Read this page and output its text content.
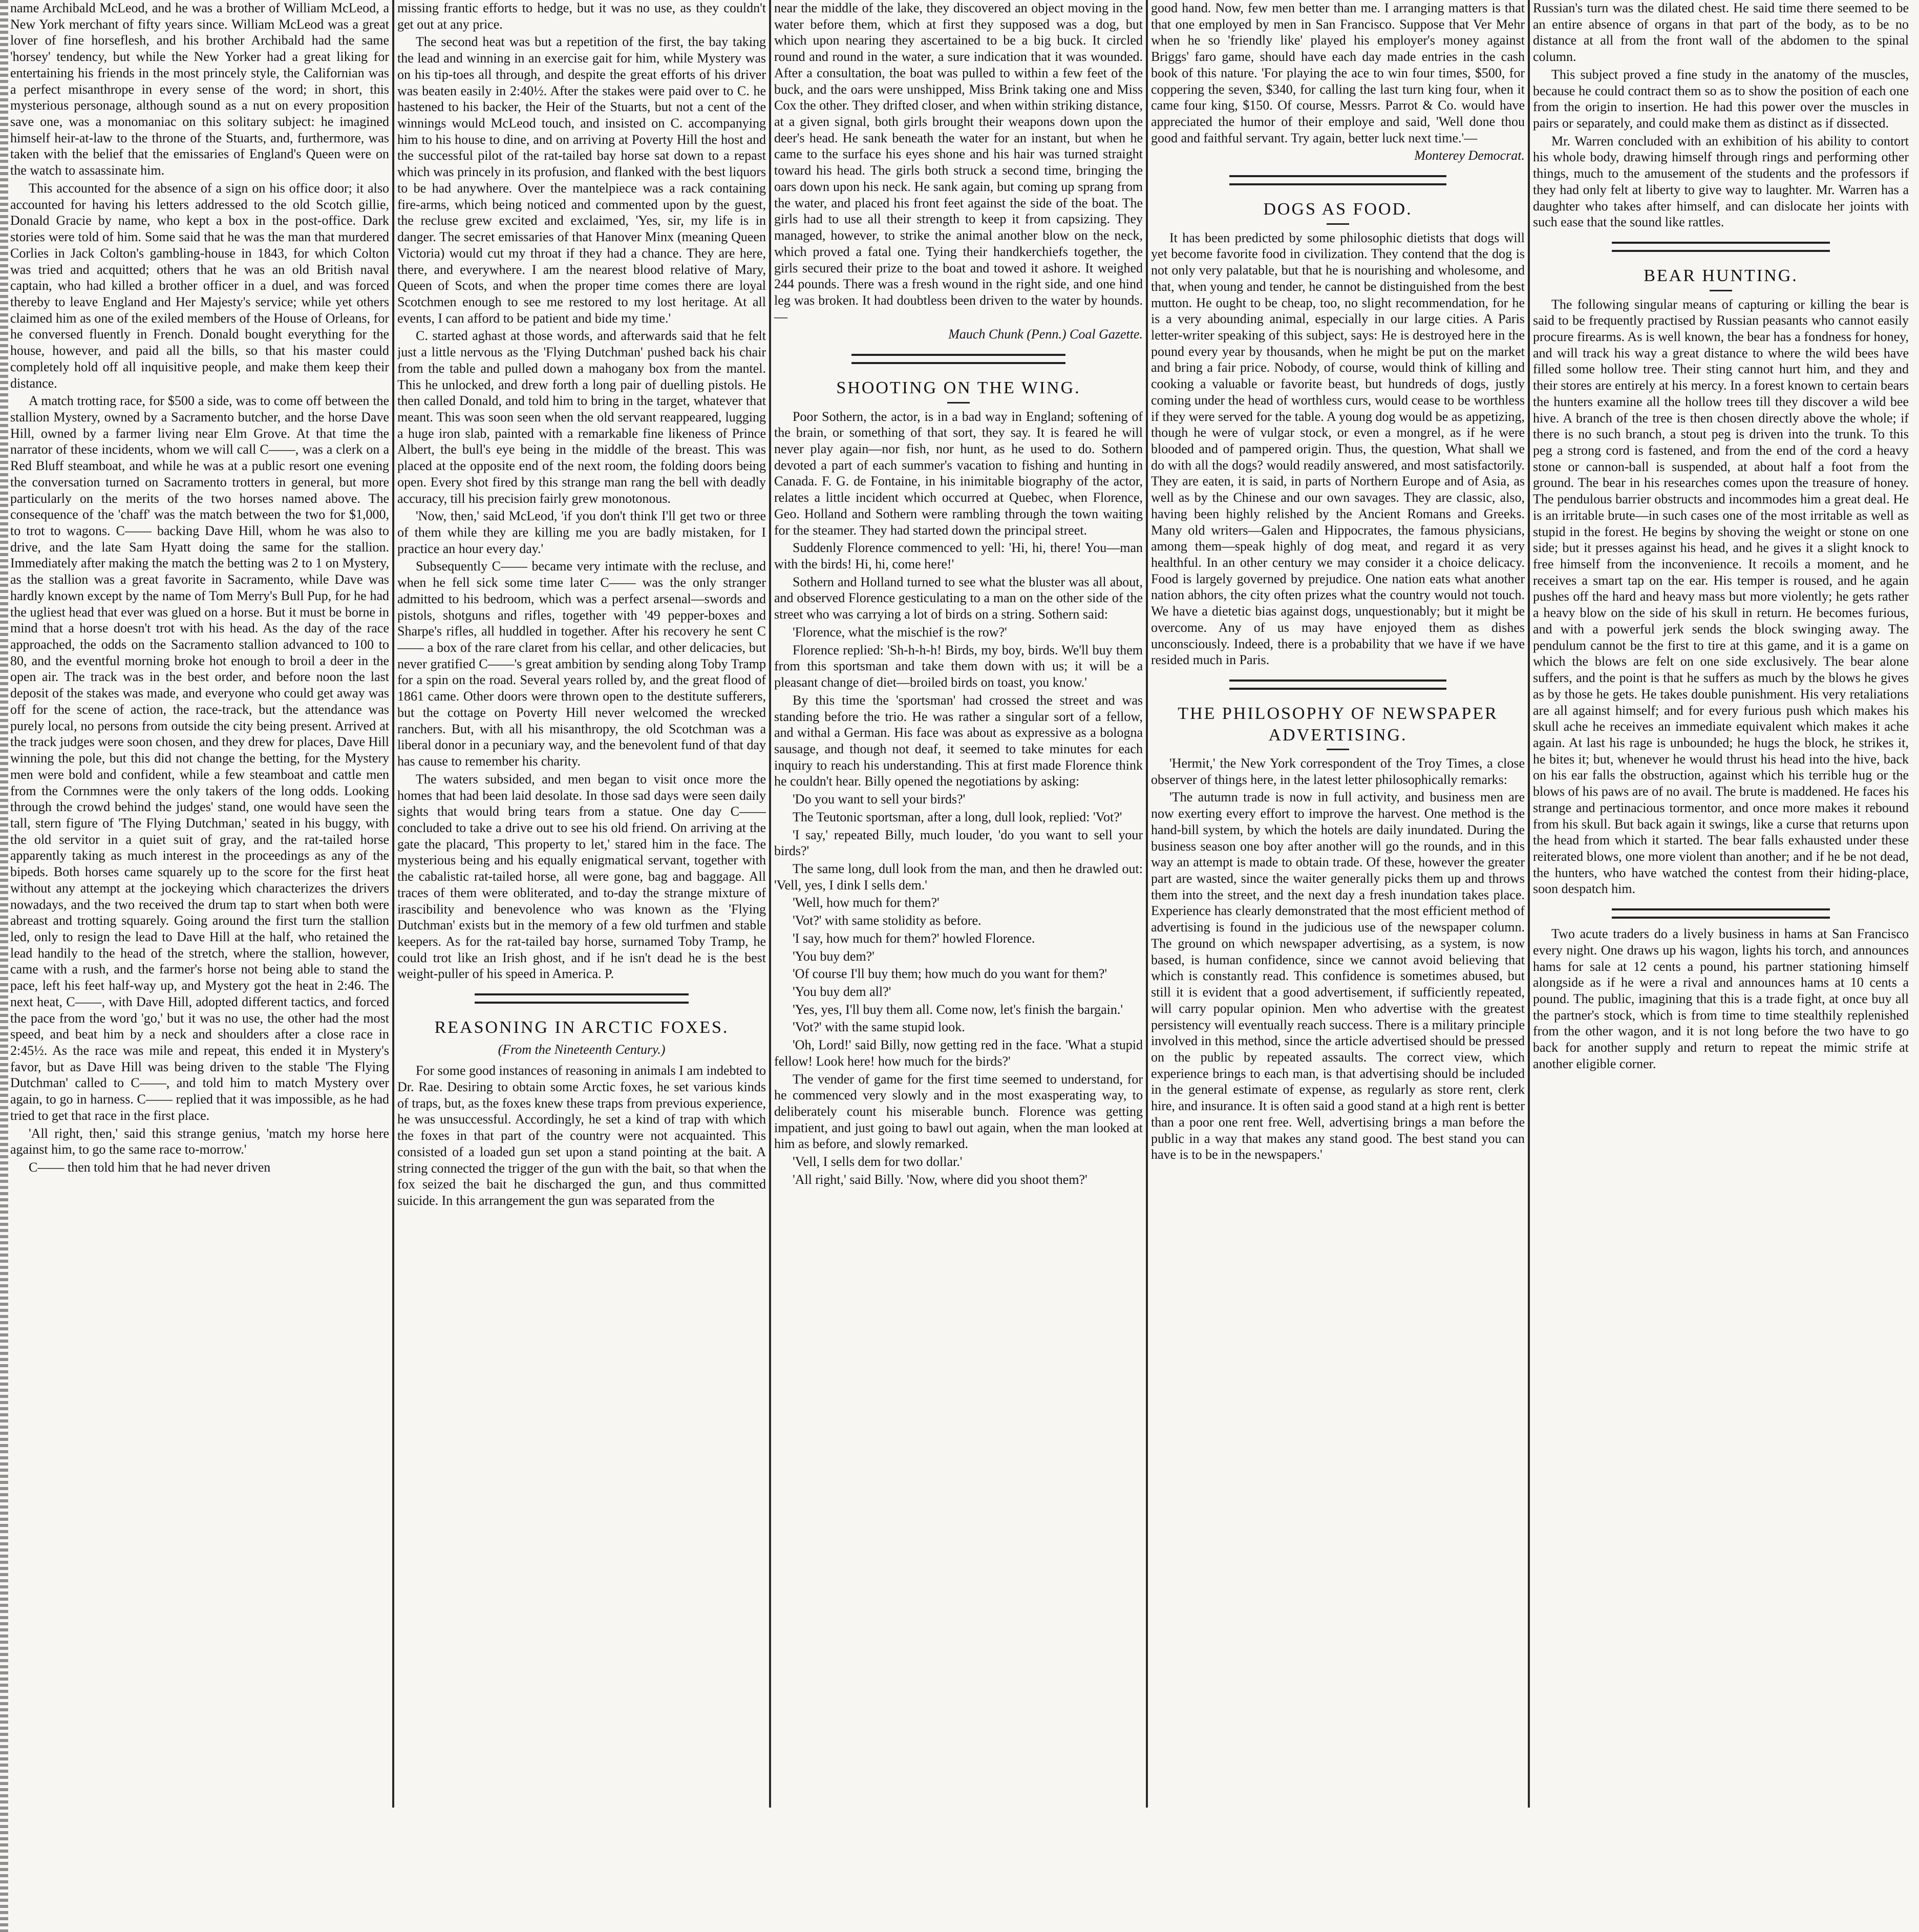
name Archibald McLeod, and he was a brother of William McLeod, a New York merchant of fifty years since. William McLeod was a great lover of fine horseflesh, and his brother Archibald had the same 'horsey' tendency, but while the New Yorker had a great liking for entertaining his friends in the most princely style, the Californian was a perfect misanthrope in every sense of the word; in short, this mysterious personage, although sound as a nut on every proposition save one, was a monomaniac on this solitary subject: he imagined himself heir-at-law to the throne of the Stuarts, and, furthermore, was taken with the belief that the emissaries of England's Queen were on the watch to assassinate him.

This accounted for the absence of a sign on his office door; it also accounted for having his letters addressed to the old Scotch gillie, Donald Gracie by name, who kept a box in the post-office. Dark stories were told of him. Some said that he was the man that murdered Corlies in Jack Colton's gambling-house in 1843, for which Colton was tried and acquitted; others that he was an old British naval captain, who had killed a brother officer in a duel, and was forced thereby to leave England and Her Majesty's service; while yet others claimed him as one of the exiled members of the House of Orleans, for he conversed fluently in French. Donald bought everything for the house, however, and paid all the bills, so that his master could completely hold off all inquisitive people, and make them keep their distance.

A match trotting race, for $500 a side, was to come off between the stallion Mystery, owned by a Sacramento butcher, and the horse Dave Hill, owned by a farmer living near Elm Grove. At that time the narrator of these incidents, whom we will call C——, was a clerk on a Red Bluff steamboat, and while he was at a public resort one evening the conversation turned on Sacramento trotters in general, but more particularly on the merits of the two horses named above. The consequence of the 'chaff' was the match between the two for $1,000, to trot to wagons. C—— backing Dave Hill, whom he was also to drive, and the late Sam Hyatt doing the same for the stallion. Immediately after making the match the betting was 2 to 1 on Mystery, as the stallion was a great favorite in Sacramento, while Dave was hardly known except by the name of Tom Merry's Bull Pup, for he had the ugliest head that ever was glued on a horse. But it must be borne in mind that a horse doesn't trot with his head. As the day of the race approached, the odds on the Sacramento stallion advanced to 100 to 80, and the eventful morning broke hot enough to broil a deer in the open air. The track was in the best order, and before noon the last deposit of the stakes was made, and everyone who could get away was off for the scene of action, the race-track, but the attendance was purely local, no persons from outside the city being present. Arrived at the track judges were soon chosen, and they drew for places, Dave Hill winning the pole, but this did not change the betting, for the Mystery men were bold and confident, while a few steamboat and cattle men from the Cornmnes were the only takers of the long odds. Looking through the crowd behind the judges' stand, one would have seen the tall, stern figure of 'The Flying Dutchman,' seated in his buggy, with the old servitor in a quiet suit of gray, and the rat-tailed horse apparently taking as much interest in the proceedings as any of the bipeds. Both horses came squarely up to the score for the first heat without any attempt at the jockeying which characterizes the drivers nowadays, and the two received the drum tap to start when both were abreast and trotting squarely. Going around the first turn the stallion led, only to resign the lead to Dave Hill at the half, who retained the lead handily to the head of the stretch, where the stallion, however, came with a rush, and the farmer's horse not being able to stand the pace, left his feet half-way up, and Mystery got the heat in 2:46. The next heat, C——, with Dave Hill, adopted different tactics, and forced the pace from the word 'go,' but it was no use, the other had the most speed, and beat him by a neck and shoulders after a close race in 2:45½. As the race was mile and repeat, this ended it in Mystery's favor, but as Dave Hill was being driven to the stable 'The Flying Dutchman' called to C——, and told him to match Mystery over again, to go in harness. C—— replied that it was impossible, as he had tried to get that race in the first place.

'All right, then,' said this strange genius, 'match my horse here against him, to go the same race to-morrow.'

C—— then told him that he had never driven

missing frantic efforts to hedge, but it was no use, as they couldn't get out at any price.

The second heat was but a repetition of the first, the bay taking the lead and winning in an exercise gait for him, while Mystery was on his tip-toes all through, and despite the great efforts of his driver was beaten easily in 2:40½. After the stakes were paid over to C. he hastened to his backer, the Heir of the Stuarts, but not a cent of the winnings would McLeod touch, and insisted on C. accompanying him to his house to dine, and on arriving at Poverty Hill the host and the successful pilot of the rat-tailed bay horse sat down to a repast which was princely in its profusion, and flanked with the best liquors to be had anywhere. Over the mantelpiece was a rack containing fire-arms, which being noticed and commented upon by the guest, the recluse grew excited and exclaimed, 'Yes, sir, my life is in danger. The secret emissaries of that Hanover Minx (meaning Queen Victoria) would cut my throat if they had a chance. They are here, there, and everywhere. I am the nearest blood relative of Mary, Queen of Scots, and when the proper time comes there are loyal Scotchmen enough to see me restored to my lost heritage. At all events, I can afford to be patient and bide my time.'

C. started aghast at those words, and afterwards said that he felt just a little nervous as the 'Flying Dutchman' pushed back his chair from the table and pulled down a mahogany box from the mantel. This he unlocked, and drew forth a long pair of duelling pistols. He then called Donald, and told him to bring in the target, whatever that meant. This was soon seen when the old servant reappeared, lugging a huge iron slab, painted with a remarkable fine likeness of Prince Albert, the bull's eye being in the middle of the breast. This was placed at the opposite end of the next room, the folding doors being open. Every shot fired by this strange man rang the bell with deadly accuracy, till his precision fairly grew monotonous.

'Now, then,' said McLeod, 'if you don't think I'll get two or three of them while they are killing me you are badly mistaken, for I practice an hour every day.'

Subsequently C—— became very intimate with the recluse, and when he fell sick some time later C—— was the only stranger admitted to his bedroom, which was a perfect arsenal—swords and pistols, shotguns and rifles, together with '49 pepper-boxes and Sharpe's rifles, all huddled in together. After his recovery he sent C—— a box of the rare claret from his cellar, and other delicacies, but never gratified C——'s great ambition by sending along Toby Tramp for a spin on the road. Several years rolled by, and the great flood of 1861 came. Other doors were thrown open to the destitute sufferers, but the cottage on Poverty Hill never welcomed the wrecked ranchers. But, with all his misanthropy, the old Scotchman was a liberal donor in a pecuniary way, and the benevolent fund of that day has cause to remember his charity.

The waters subsided, and men began to visit once more the homes that had been laid desolate. In those sad days were seen daily sights that would bring tears from a statue. One day C—— concluded to take a drive out to see his old friend. On arriving at the gate the placard, 'This property to let,' stared him in the face. The mysterious being and his equally enigmatical servant, together with the cabalistic rat-tailed horse, all were gone, bag and baggage. All traces of them were obliterated, and to-day the strange mixture of irascibility and benevolence who was known as the 'Flying Dutchman' exists but in the memory of a few old turfmen and stable keepers. As for the rat-tailed bay horse, surnamed Toby Tramp, he could trot like an Irish ghost, and if he isn't dead he is the best weight-puller of his speed in America. P.

REASONING IN ARCTIC FOXES.
(From the Nineteenth Century.)

For some good instances of reasoning in animals I am indebted to Dr. Rae. Desiring to obtain some Arctic foxes, he set various kinds of traps, but, as the foxes knew these traps from previous experience, he was unsuccessful. Accordingly, he set a kind of trap with which the foxes in that part of the country were not acquainted. This consisted of a loaded gun set upon a stand pointing at the bait. A string connected the trigger of the gun with the bait, so that when the fox seized the bait he discharged the gun, and thus committed suicide. In this arrangement the gun was separated from the

near the middle of the lake, they discovered an object moving in the water before them, which at first they supposed was a dog, but which upon nearing they ascertained to be a big buck. It circled round and round in the water, a sure indication that it was wounded. After a consultation, the boat was pulled to within a few feet of the buck, and the oars were unshipped, Miss Brink taking one and Miss Cox the other. They drifted closer, and when within striking distance, at a given signal, both girls brought their weapons down upon the deer's head. He sank beneath the water for an instant, but when he came to the surface his eyes shone and his hair was turned straight toward his head. The girls both struck a second time, bringing the oars down upon his neck. He sank again, but coming up sprang from the water, and placed his front feet against the side of the boat. The girls had to use all their strength to keep it from capsizing. They managed, however, to strike the animal another blow on the neck, which proved a fatal one. Tying their handkerchiefs together, the girls secured their prize to the boat and towed it ashore. It weighed 244 pounds. There was a fresh wound in the right side, and one hind leg was broken. It had doubtless been driven to the water by hounds.—

Mauch Chunk (Penn.) Coal Gazette.

SHOOTING ON THE WING.

Poor Sothern, the actor, is in a bad way in England; softening of the brain, or something of that sort, they say. It is feared he will never play again—nor fish, nor hunt, as he used to do. Sothern devoted a part of each summer's vacation to fishing and hunting in Canada. F. G. de Fontaine, in his inimitable biography of the actor, relates a little incident which occurred at Quebec, when Florence, Geo. Holland and Sothern were rambling through the town waiting for the steamer. They had started down the principal street.

Suddenly Florence commenced to yell: 'Hi, hi, there! You—man with the birds! Hi, hi, come here!'

Sothern and Holland turned to see what the bluster was all about, and observed Florence gesticulating to a man on the other side of the street who was carrying a lot of birds on a string. Sothern said:

'Florence, what the mischief is the row?'

Florence replied: 'Sh-h-h-h! Birds, my boy, birds. We'll buy them from this sportsman and take them down with us; it will be a pleasant change of diet—broiled birds on toast, you know.'

By this time the 'sportsman' had crossed the street and was standing before the trio. He was rather a singular sort of a fellow, and withal a German. His face was about as expressive as a bologna sausage, and though not deaf, it seemed to take minutes for each inquiry to reach his understanding. This at first made Florence think he couldn't hear. Billy opened the negotiations by asking:

'Do you want to sell your birds?'

The Teutonic sportsman, after a long, dull look, replied: 'Vot?'

'I say,' repeated Billy, much louder, 'do you want to sell your birds?'

The same long, dull look from the man, and then he drawled out: 'Vell, yes, I dink I sells dem.'

'Well, how much for them?'

'Vot?' with same stolidity as before.

'I say, how much for them?' howled Florence.

'You buy dem?'

'Of course I'll buy them; how much do you want for them?'

'You buy dem all?'

'Yes, yes, I'll buy them all. Come now, let's finish the bargain.'

'Vot?' with the same stupid look.

'Oh, Lord!' said Billy, now getting red in the face. 'What a stupid fellow! Look here! how much for the birds?'

The vender of game for the first time seemed to understand, for he commenced very slowly and in the most exasperating way, to deliberately count his miserable bunch. Florence was getting impatient, and just going to bawl out again, when the man looked at him as before, and slowly remarked.

'Vell, I sells dem for two dollar.'

'All right,' said Billy. 'Now, where did you shoot them?'

good hand. Now, few men better than me. I arranging matters is that that one employed by men in San Francisco. Suppose that Ver Mehr when he so 'friendly like' played his employer's money against Briggs' faro game, should have each day made entries in the cash book of this nature. 'For playing the ace to win four times, $500, for coppering the seven, $340, for calling the last turn king four, when it came four king, $150. Of course, Messrs. Parrot & Co. would have appreciated the humor of their employe and said, 'Well done thou good and faithful servant. Try again, better luck next time.'—

Monterey Democrat.

DOGS AS FOOD.

It has been predicted by some philosophic dietists that dogs will yet become favorite food in civilization. They contend that the dog is not only very palatable, but that he is nourishing and wholesome, and that, when young and tender, he cannot be distinguished from the best mutton. He ought to be cheap, too, no slight recommendation, for he is a very abounding animal, especially in our large cities. A Paris letter-writer speaking of this subject, says: He is destroyed here in the pound every year by thousands, when he might be put on the market and bring a fair price. Nobody, of course, would think of killing and cooking a valuable or favorite beast, but hundreds of dogs, justly coming under the head of worthless curs, would cease to be worthless if they were served for the table. A young dog would be as appetizing, though he were of vulgar stock, or even a mongrel, as if he were blooded and of pampered origin. Thus, the question, What shall we do with all the dogs? would readily answered, and most satisfactorily. They are eaten, it is said, in parts of Northern Europe and of Asia, as well as by the Chinese and our own savages. They are classic, also, having been highly relished by the Ancient Romans and Greeks. Many old writers—Galen and Hippocrates, the famous physicians, among them—speak highly of dog meat, and regard it as very healthful. In an other century we may consider it a choice delicacy. Food is largely governed by prejudice. One nation eats what another nation abhors, the city often prizes what the country would not touch. We have a dietetic bias against dogs, unquestionably; but it might be overcome. Any of us may have enjoyed them as dishes unconsciously. Indeed, there is a probability that we have if we have resided much in Paris.

THE PHILOSOPHY OF NEWSPAPER ADVERTISING.

'Hermit,' the New York correspondent of the Troy Times, a close observer of things here, in the latest letter philosophically remarks:

'The autumn trade is now in full activity, and business men are now exerting every effort to improve the harvest. One method is the hand-bill system, by which the hotels are daily inundated. During the business season one boy after another will go the rounds, and in this way an attempt is made to obtain trade. Of these, however the greater part are wasted, since the waiter generally picks them up and throws them into the street, and the next day a fresh inundation takes place. Experience has clearly demonstrated that the most efficient method of advertising is found in the judicious use of the newspaper column. The ground on which newspaper advertising, as a system, is now based, is human confidence, since we cannot avoid believing that which is constantly read. This confidence is sometimes abused, but still it is evident that a good advertisement, if sufficiently repeated, will carry popular opinion. Men who advertise with the greatest persistency will eventually reach success. There is a military principle involved in this method, since the article advertised should be pressed on the public by repeated assaults. The correct view, which experience brings to each man, is that advertising should be included in the general estimate of expense, as regularly as store rent, clerk hire, and insurance. It is often said a good stand at a high rent is better than a poor one rent free. Well, advertising brings a man before the public in a way that makes any stand good. The best stand you can have is to be in the newspapers.'

Russian's turn was the dilated chest. He said time there seemed to be an entire absence of organs in that part of the body, as to be no distance at all from the front wall of the abdomen to the spinal column.

This subject proved a fine study in the anatomy of the muscles, because he could contract them so as to show the position of each one from the origin to insertion. He had this power over the muscles in pairs or separately, and could make them as distinct as if dissected.

Mr. Warren concluded with an exhibition of his ability to contort his whole body, drawing himself through rings and performing other things, much to the amusement of the students and the professors if they had only felt at liberty to give way to laughter. Mr. Warren has a daughter who takes after himself, and can dislocate her joints with such ease that the sound like rattles.

BEAR HUNTING.

The following singular means of capturing or killing the bear is said to be frequently practised by Russian peasants who cannot easily procure firearms. As is well known, the bear has a fondness for honey, and will track his way a great distance to where the wild bees have filled some hollow tree. Their sting cannot hurt him, and they and their stores are entirely at his mercy. In a forest known to certain bears the hunters examine all the hollow trees till they discover a wild bee hive. A branch of the tree is then chosen directly above the whole; if there is no such branch, a stout peg is driven into the trunk. To this peg a strong cord is fastened, and from the end of the cord a heavy stone or cannon-ball is suspended, at about half a foot from the ground. The bear in his researches comes upon the treasure of honey. The pendulous barrier obstructs and incommodes him a great deal. He is an irritable brute—in such cases one of the most irritable as well as stupid in the forest. He begins by shoving the weight or stone on one side; but it presses against his head, and he gives it a slight knock to free himself from the inconvenience. It recoils a moment, and he receives a smart tap on the ear. His temper is roused, and he again pushes off the hard and heavy mass but more violently; he gets rather a heavy blow on the side of his skull in return. He becomes furious, and with a powerful jerk sends the block swinging away. The pendulum cannot be the first to tire at this game, and it is a game on which the blows are felt on one side exclusively. The bear alone suffers, and the point is that he suffers as much by the blows he gives as by those he gets. He takes double punishment. His very retaliations are all against himself; and for every furious push which makes his skull ache he receives an immediate equivalent which makes it ache again. At last his rage is unbounded; he hugs the block, he strikes it, he bites it; but, whenever he would thrust his head into the hive, back on his ear falls the obstruction, against which his terrible hug or the blows of his paws are of no avail. The brute is maddened. He faces his strange and pertinacious tormentor, and once more makes it rebound from his skull. But back again it swings, like a curse that returns upon the head from which it started. The bear falls exhausted under these reiterated blows, one more violent than another; and if he be not dead, the hunters, who have watched the contest from their hiding-place, soon despatch him.

Two acute traders do a lively business in hams at San Francisco every night. One draws up his wagon, lights his torch, and announces hams for sale at 12 cents a pound, his partner stationing himself alongside as if he were a rival and announces hams at 10 cents a pound. The public, imagining that this is a trade fight, at once buy all the partner's stock, which is from time to time stealthily replenished from the other wagon, and it is not long before the two have to go back for another supply and return to repeat the mimic strife at another eligible corner.
